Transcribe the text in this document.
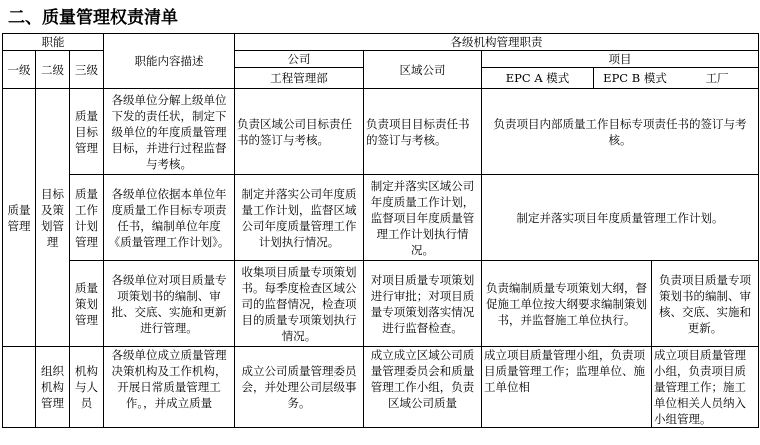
二、质量管理权责清单
职能			职能内容描述	各级机构管理职责				
一级	二级	三级		公司	区域公司	项目		
				工程管理部		EPC A 模式	EPC B 模式 工厂	

质量管理	目标及策划管理	质量目标管理	各级单位分解上级单位下发的责任状，制定下级单位的年度质量管理目标，并进行过程监督与考核。	负责区域公司目标责任书的签订与考核。	负责项目目标责任书的签订与考核。	负责项目内部质量工作目标专项责任书的签订与考核。		
		质量工作计划管理	各级单位依据本单位年度质量工作目标专项责任书，编制单位年度《质量管理工作计划》。	制定并落实公司年度质量工作计划，监督区域公司年度质量管理工作计划执行情况。	制定并落实区域公司年度质量工作计划，监督项目年度质量管理工作计划执行情况。	制定并落实项目年度质量管理工作计划。		
		质量策划管理	各级单位对项目质量专项策划书的编制、审批、交底、实施和更新进行管理。	收集项目质量专项策划书。每季度检查区域公司的监督情况，检查项目的质量专项策划执行情况。	对项目质量专项策划进行审批；对项目质量专项策划落实情况进行监督检查。	负责编制质量专项策划大纲，督促施工单位按大纲要求编制策划书，并监督施工单位执行。		负责项目质量专项策划书的编制、审核、交底、实施和更新。
	组织机构管理	机构与人员	各级单位成立质量管理决策机构及工作机构，开展日常质量管理工作。，并成立质量	成立公司质量管理委员会，并处理公司层级事务。	成立成立区域公司质量管理委员会和质量管理工作小组，负责区域公司质量	成立项目质量管理小组，负责项目质量管理工作；监理单位、施工单位相		成立项目质量管理小组，负责项目质量管理工作；施工单位相关人员纳入小组管理。
